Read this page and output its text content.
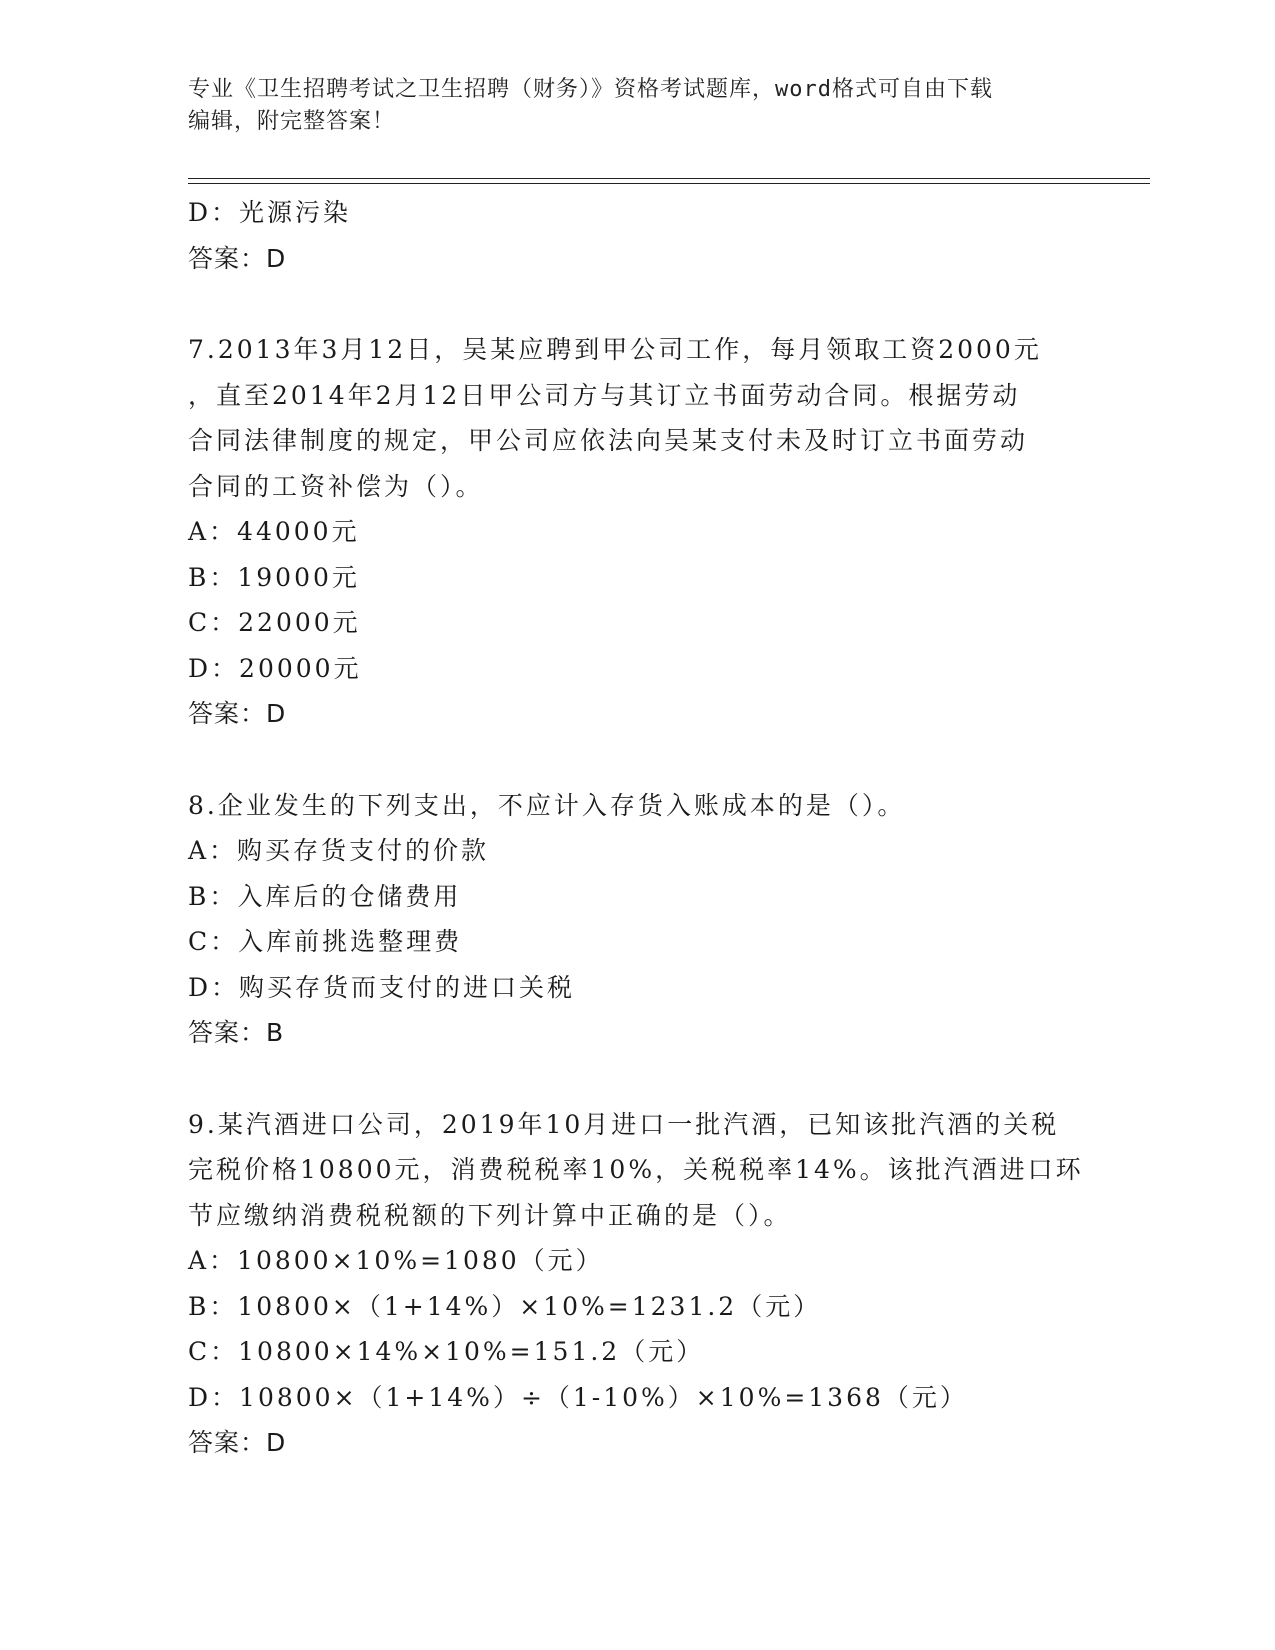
专业《卫生招聘考试之卫生招聘（财务）》资格考试题库，word格式可自由下载
编辑，附完整答案！
D：光源污染
答案：D
7.2013年3月12日，吴某应聘到甲公司工作，每月领取工资2000元
，直至2014年2月12日甲公司方与其订立书面劳动合同。根据劳动
合同法律制度的规定，甲公司应依法向吴某支付未及时订立书面劳动
合同的工资补偿为（）。
A：44000元
B：19000元
C：22000元
D：20000元
答案：D
8.企业发生的下列支出，不应计入存货入账成本的是（）。
A：购买存货支付的价款
B：入库后的仓储费用
C：入库前挑选整理费
D：购买存货而支付的进口关税
答案：B
9.某汽酒进口公司，2019年10月进口一批汽酒，已知该批汽酒的关税
完税价格10800元，消费税税率10%，关税税率14%。该批汽酒进口环
节应缴纳消费税税额的下列计算中正确的是（）。
A：10800×10%=1080（元）
B：10800×（1+14%）×10%=1231.2（元）
C：10800×14%×10%=151.2（元）
D：10800×（1+14%）÷（1-10%）×10%=1368（元）
答案：D
